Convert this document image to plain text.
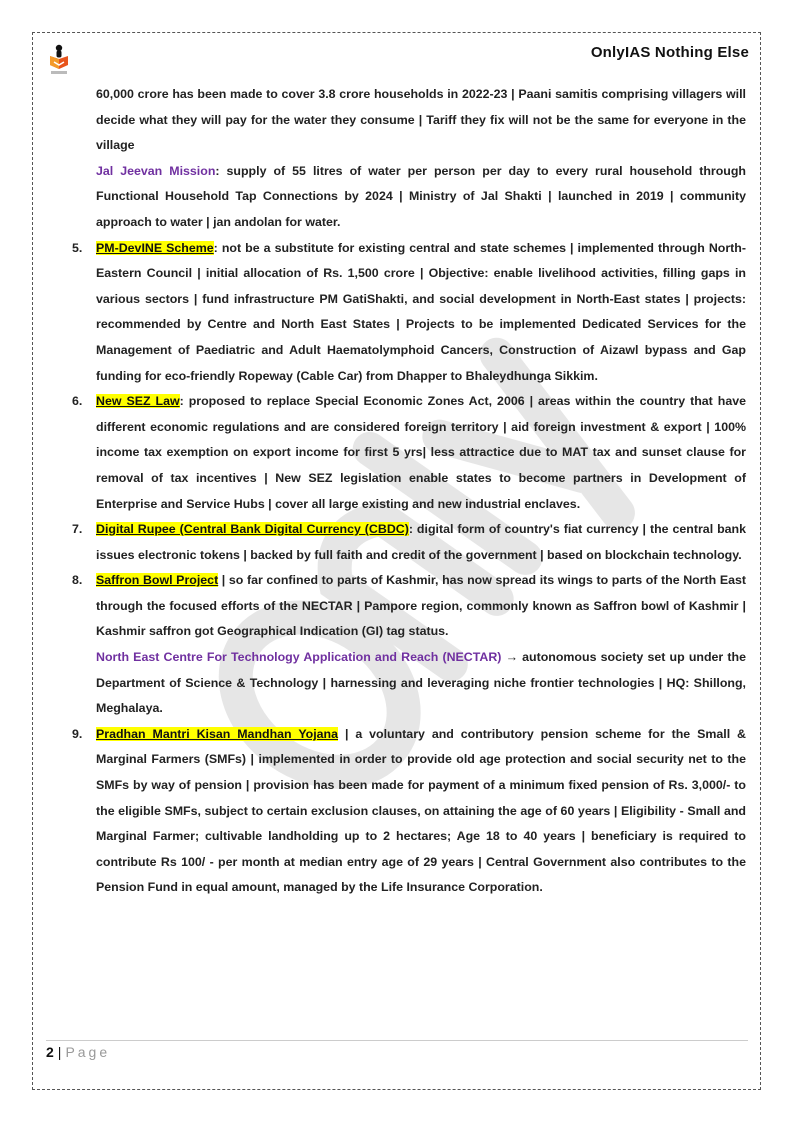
OnlyIAS Nothing Else
60,000 crore has been made to cover 3.8 crore households in 2022-23 | Paani samitis comprising villagers will decide what they will pay for the water they consume | Tariff they fix will not be the same for everyone in the village
Jal Jeevan Mission: supply of 55 litres of water per person per day to every rural household through Functional Household Tap Connections by 2024 | Ministry of Jal Shakti | launched in 2019 | community approach to water | jan andolan for water.
5.	PM-DevINE Scheme: not be a substitute for existing central and state schemes | implemented through North-Eastern Council | initial allocation of Rs. 1,500 crore | Objective: enable livelihood activities, filling gaps in various sectors | fund infrastructure PM GatiShakti, and social development in North-East states | projects: recommended by Centre and North East States | Projects to be implemented Dedicated Services for the Management of Paediatric and Adult Haematolymphoid Cancers, Construction of Aizawl bypass and Gap funding for eco-friendly Ropeway (Cable Car) from Dhapper to Bhaleydhunga Sikkim.
6.	New SEZ Law: proposed to replace Special Economic Zones Act, 2006 | areas within the country that have different economic regulations and are considered foreign territory | aid foreign investment & export | 100% income tax exemption on export income for first 5 yrs| less attractice due to MAT tax and sunset clause for removal of tax incentives | New SEZ legislation enable states to become partners in Development of Enterprise and Service Hubs | cover all large existing and new industrial enclaves.
7.	Digital Rupee (Central Bank Digital Currency (CBDC): digital form of country's fiat currency | the central bank issues electronic tokens | backed by full faith and credit of the government | based on blockchain technology.
8.	Saffron Bowl Project | so far confined to parts of Kashmir, has now spread its wings to parts of the North East through the focused efforts of the NECTAR | Pampore region, commonly known as Saffron bowl of Kashmir | Kashmir saffron got Geographical Indication (GI) tag status.
North East Centre For Technology Application and Reach (NECTAR) → autonomous society set up under the Department of Science & Technology | harnessing and leveraging niche frontier technologies | HQ: Shillong, Meghalaya.
9.	Pradhan Mantri Kisan Mandhan Yojana | a voluntary and contributory pension scheme for the Small & Marginal Farmers (SMFs) | implemented in order to provide old age protection and social security net to the SMFs by way of pension | provision has been made for payment of a minimum fixed pension of Rs. 3,000/- to the eligible SMFs, subject to certain exclusion clauses, on attaining the age of 60 years | Eligibility - Small and Marginal Farmer; cultivable landholding up to 2 hectares; Age 18 to 40 years | beneficiary is required to contribute Rs 100/ - per month at median entry age of 29 years | Central Government also contributes to the Pension Fund in equal amount, managed by the Life Insurance Corporation.
2 | Page
